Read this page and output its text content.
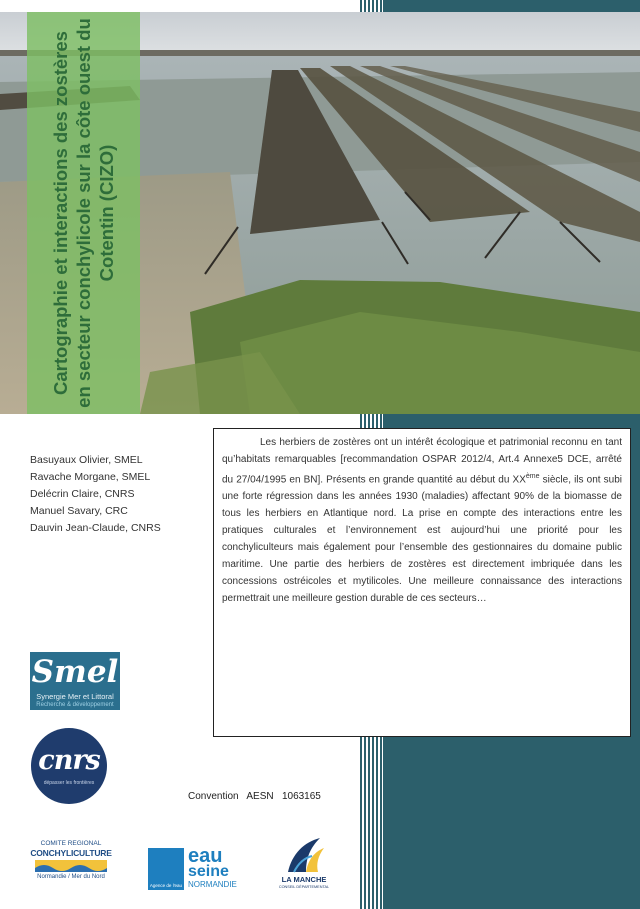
Cartographie et interactions des zostères en secteur conchylicole sur la côte ouest du Cotentin (CIZO)
Basuyaux Olivier, SMEL
Ravache Morgane, SMEL
Delécrin Claire, CNRS
Manuel Savary, CRC
Dauvin Jean-Claude, CNRS

Les herbiers de zostères ont un intérêt écologique et patrimonial reconnu en tant qu’habitats remarquables [recommandation OSPAR 2012/4, Art.4 Annexe5 DCE, arrêté du 27/04/1995 en BN]. Présents en grande quantité au début du XXème siècle, ils ont subi une forte régression dans les années 1930 (maladies) affectant 90% de la biomasse de tous les herbiers en Atlantique nord. La prise en compte des interactions entre les pratiques culturales et l’environnement est aujourd’hui une priorité pour les conchyliculteurs mais également pour l’ensemble des gestionnaires du domaine public maritime. Une partie des herbiers de zostères est directement imbriquée dans les concessions ostréicoles et mytilicoles. Une meilleure connaissance des interactions permettrait une meilleure gestion durable de ces secteurs…

Smel
Synergie Mer et Littoral
Recherche & développement
cnrs
dépasser les frontières
Convention   AESN   1063165
COMITE REGIONAL
CONCHYLICULTURE
Normandie / Mer du Nord
Agence de l'eau
eau
seine
NORMANDIE
LA MANCHE
CONSEIL DÉPARTEMENTAL
